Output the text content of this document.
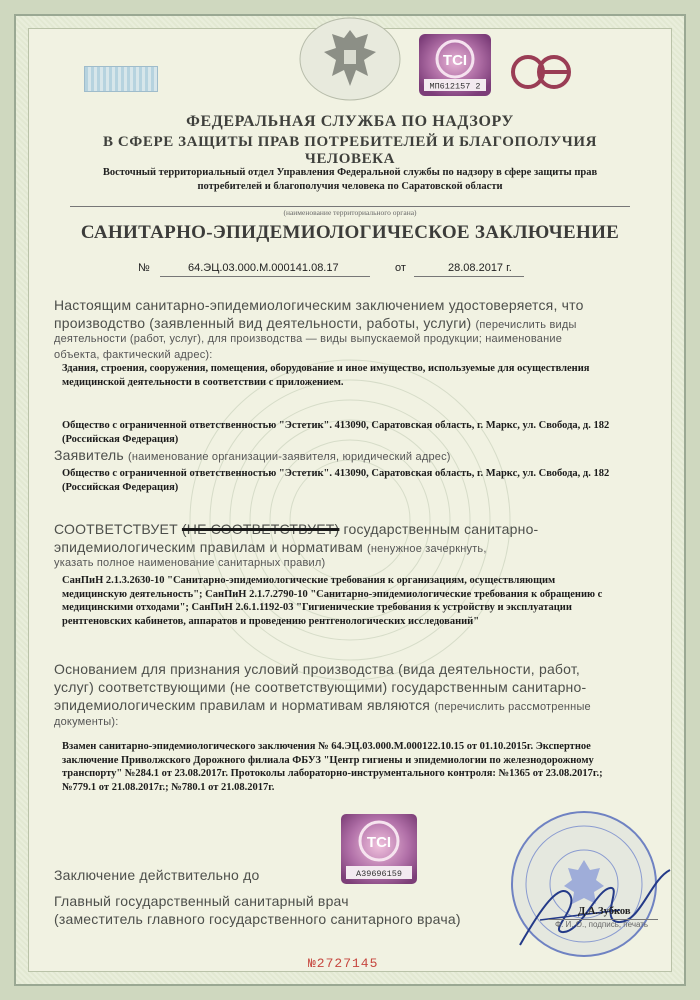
TCI
МП612157 2
ФЕДЕРАЛЬНАЯ СЛУЖБА ПО НАДЗОРУ
В СФЕРЕ ЗАЩИТЫ ПРАВ ПОТРЕБИТЕЛЕЙ И БЛАГОПОЛУЧИЯ ЧЕЛОВЕКА
Восточный территориальный отдел Управления Федеральной службы по надзору в сфере защиты прав
потребителей и благополучия человека по Саратовской области
(наименование территориального органа)
САНИТАРНО-ЭПИДЕМИОЛОГИЧЕСКОЕ ЗАКЛЮЧЕНИЕ
№	64.ЭЦ.03.000.М.000141.08.17	от	28.08.2017 г.
Настоящим санитарно-эпидемиологическим заключением удостоверяется, что
производство (заявленный вид деятельности, работы, услуги) (перечислить виды
деятельности (работ, услуг), для производства — виды выпускаемой продукции; наименование
объекта, фактический адрес):
Здания, строения, сооружения, помещения, оборудование и иное имущество, используемые для осуществления
медицинской деятельности в соответствии с приложением.
Общество с ограниченной ответственностью "Эстетик". 413090, Саратовская область, г. Маркс, ул. Свобода, д. 182
(Российская Федерация)
Заявитель (наименование организации-заявителя, юридический адрес)
Общество с ограниченной ответственностью "Эстетик". 413090, Саратовская область, г. Маркс, ул. Свобода, д. 182
(Российская Федерация)
СООТВЕТСТВУЕТ (НЕ СООТВЕТСТВУЕТ) государственным санитарно-
эпидемиологическим правилам и нормативам (ненужное зачеркнуть,
указать полное наименование санитарных правил)
СанПиН 2.1.3.2630-10 "Санитарно-эпидемиологические требования к организациям, осуществляющим
медицинскую деятельность"; СанПиН 2.1.7.2790-10 "Санитарно-эпидемиологические требования к обращению с
медицинскими отходами"; СанПиН 2.6.1.1192-03 "Гигиенические требования к устройству и эксплуатации
рентгеновских кабинетов, аппаратов и проведению рентгенологических исследований"
Основанием для признания условий производства (вида деятельности, работ,
услуг) соответствующими (не соответствующими) государственным санитарно-
эпидемиологическим правилам и нормативам являются (перечислить рассмотренные
документы):
Взамен санитарно-эпидемиологического заключения № 64.ЭЦ.03.000.М.000122.10.15 от 01.10.2015г. Экспертное
заключение Приволжского Дорожного филиала ФБУЗ "Центр гигиены и эпидемиологии по железнодорожному
транспорту" №284.1 от 23.08.2017г. Протоколы лабораторно-инструментального контроля: №1365 от 23.08.2017г.;
№779.1 от 21.08.2017г.; №780.1 от 21.08.2017г.
TCI
А39696159
Заключение действительно до
Главный государственный санитарный врач
(заместитель главного государственного санитарного врача)	Д.А.Зубков
Ф. И. О., подпись, печать
№2727145
